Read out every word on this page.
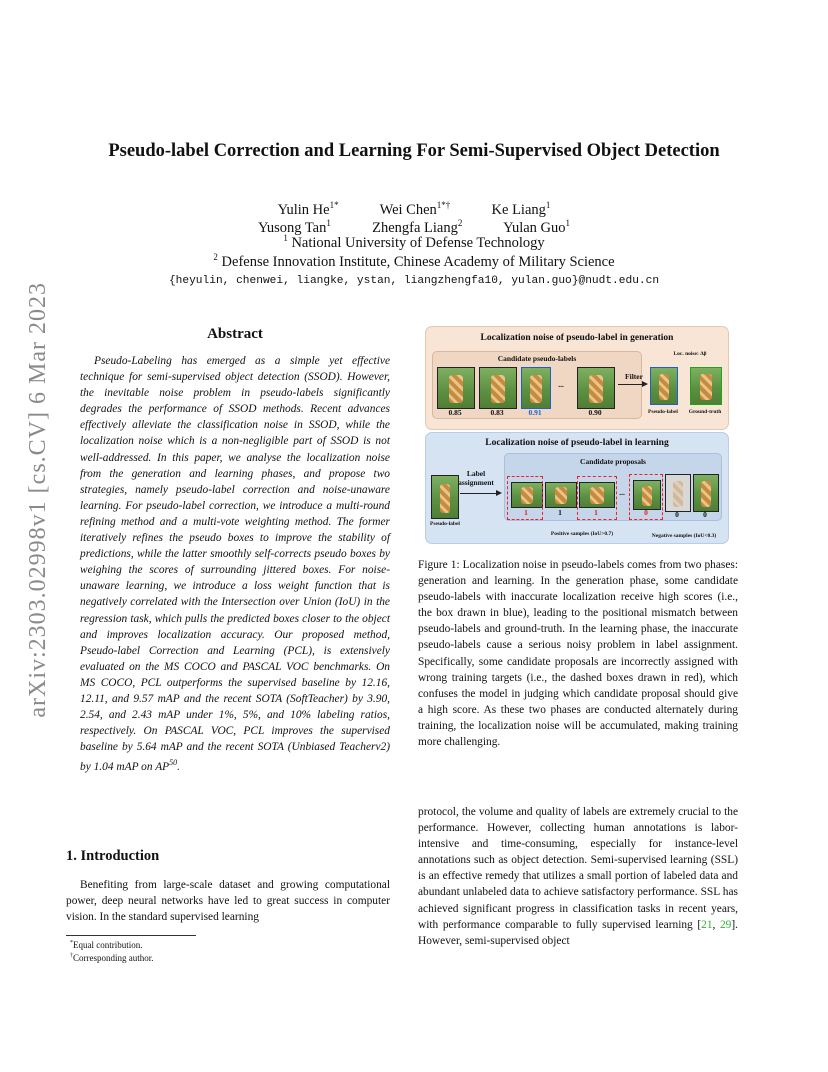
arXiv:2303.02998v1 [cs.CV] 6 Mar 2023
Pseudo-label Correction and Learning For Semi-Supervised Object Detection
Yulin $He^{1*}$	Wei Chen$^{1*\dagger}$	Ke Liang$^1$
Yusong Tan$^1$	Zhengfa Liang$^2$	Yulan Guo$^1$
$^1$ National University of Defense Technology
$^2$ Defense Innovation Institute, Chinese Academy of Military Science
{heyulin, chenwei, liangke, ystan, liangzhengfa10, yulan.guo}@nudt.edu.cn
Abstract
Pseudo-Labeling has emerged as a simple yet effective technique for semi-supervised object detection (SSOD). However, the inevitable noise problem in pseudo-labels significantly degrades the performance of SSOD methods. Recent advances effectively alleviate the classification noise in SSOD, while the localization noise which is a non-negligible part of SSOD is not well-addressed. In this paper, we analyse the localization noise from the generation and learning phases, and propose two strategies, namely pseudo-label correction and noise-unaware learning. For pseudo-label correction, we introduce a multi-round refining method and a multi-vote weighting method. The former iteratively refines the pseudo boxes to improve the stability of predictions, while the latter smoothly self-corrects pseudo boxes by weighing the scores of surrounding jittered boxes. For noise-unaware learning, we introduce a loss weight function that is negatively correlated with the Intersection over Union (IoU) in the regression task, which pulls the predicted boxes closer to the object and improves localization accuracy. Our proposed method, Pseudo-label Correction and Learning (PCL), is extensively evaluated on the MS COCO and PASCAL VOC benchmarks. On MS COCO, PCL outperforms the supervised baseline by 12.16, 12.11, and 9.57 mAP and the recent SOTA (SoftTeacher) by 3.90, 2.54, and 2.43 mAP under 1%, 5%, and 10% labeling ratios, respectively. On PASCAL VOC, PCL improves the supervised baseline by 5.64 mAP and the recent SOTA (Unbiased Teacherv2) by 1.04 mAP on AP$^{50}$.
1. Introduction
Benefiting from large-scale dataset and growing computational power, deep neural networks have led to great success in computer vision. In the standard supervised learning
*Equal contribution.
†Corresponding author.
Localization noise of pseudo-label in generation
Candidate pseudo-labels
...
0.85	0.83	0.91	0.90
Filter
Loc. noise: Δβ
Pseudo-label	Ground-truth
Localization noise of pseudo-label in learning
Pseudo-label
Label assignment
Candidate proposals
...
1	1	1	0	0	0
Positive samples (IoU>0.7)	Negative samples (IoU<0.3)
Figure 1: Localization noise in pseudo-labels comes from two phases: generation and learning. In the generation phase, some candidate pseudo-labels with inaccurate localization receive high scores (i.e., the box drawn in blue), leading to the positional mismatch between pseudo-labels and ground-truth. In the learning phase, the inaccurate pseudo-labels cause a serious noisy problem in label assignment. Specifically, some candidate proposals are incorrectly assigned with wrong training targets (i.e., the dashed boxes drawn in red), which confuses the model in judging which candidate proposal should give a high score. As these two phases are conducted alternately during training, the localization noise will be accumulated, making training more challenging.
protocol, the volume and quality of labels are extremely crucial to the performance. However, collecting human annotations is labor-intensive and time-consuming, especially for instance-level annotations such as object detection. Semi-supervised learning (SSL) is an effective remedy that utilizes a small portion of labeled data and abundant unlabeled data to achieve satisfactory performance. SSL has achieved significant progress in classification tasks in recent years, with performance comparable to fully supervised learning [21, 29]. However, semi-supervised object
